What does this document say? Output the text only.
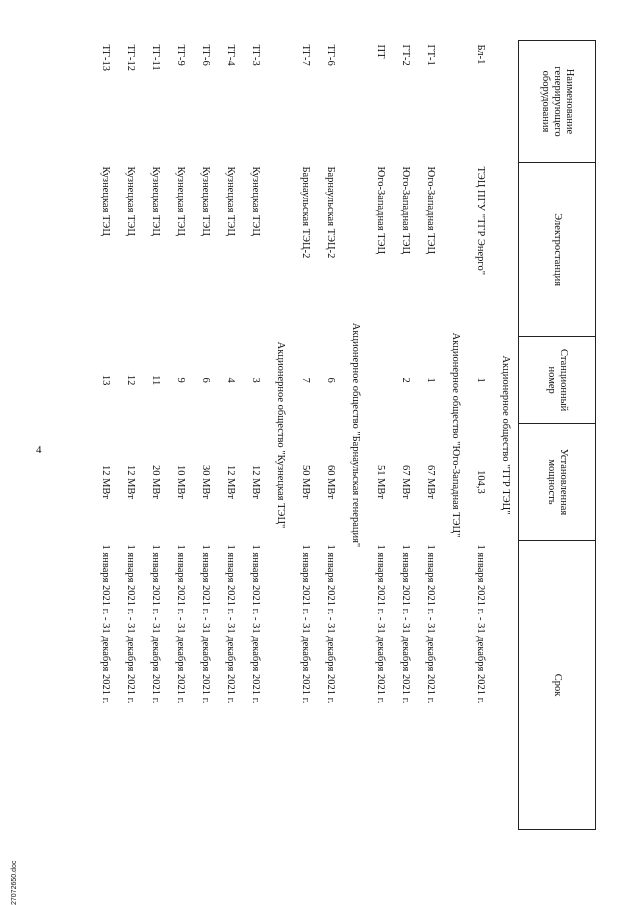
4
27072650.doc
Наименование генерирующего оборудования	Электростанция	Станционный номер	Установленная мощность	Срок
Акционерное общество "ТГР ТЭЦ"				
Бл-1	ТЭЦ ПГУ "ТГР Энерго"	1	104,3	1 января 2021 г. - 31 декабря 2021 г.
Акционерное общество "Юго-Западная ТЭЦ"				
ГТ-1	Юго-Западная ТЭЦ	1	67 МВт	1 января 2021 г. - 31 декабря 2021 г.
ГТ-2	Юго-Западная ТЭЦ	2	67 МВт	1 января 2021 г. - 31 декабря 2021 г.
ПТ	Юго-Западная ТЭЦ		51 МВт	1 января 2021 г. - 31 декабря 2021 г.
Акционерное общество "Барнаульская генерация"				
ТГ-6	Барнаульская ТЭЦ-2	6	60 МВт	1 января 2021 г. - 31 декабря 2021 г.
ТГ-7	Барнаульская ТЭЦ-2	7	50 МВт	1 января 2021 г. - 31 декабря 2021 г.
Акционерное общество "Кузнецкая ТЭЦ"				
ТГ-3	Кузнецкая ТЭЦ	3	12 МВт	1 января 2021 г. - 31 декабря 2021 г.
ТГ-4	Кузнецкая ТЭЦ	4	12 МВт	1 января 2021 г. - 31 декабря 2021 г.
ТГ-6	Кузнецкая ТЭЦ	6	30 МВт	1 января 2021 г. - 31 декабря 2021 г.
ТГ-9	Кузнецкая ТЭЦ	9	10 МВт	1 января 2021 г. - 31 декабря 2021 г.
ТГ-11	Кузнецкая ТЭЦ	11	20 МВт	1 января 2021 г. - 31 декабря 2021 г.
ТГ-12	Кузнецкая ТЭЦ	12	12 МВт	1 января 2021 г. - 31 декабря 2021 г.
ТГ-13	Кузнецкая ТЭЦ	13	12 МВт	1 января 2021 г. - 31 декабря 2021 г.
